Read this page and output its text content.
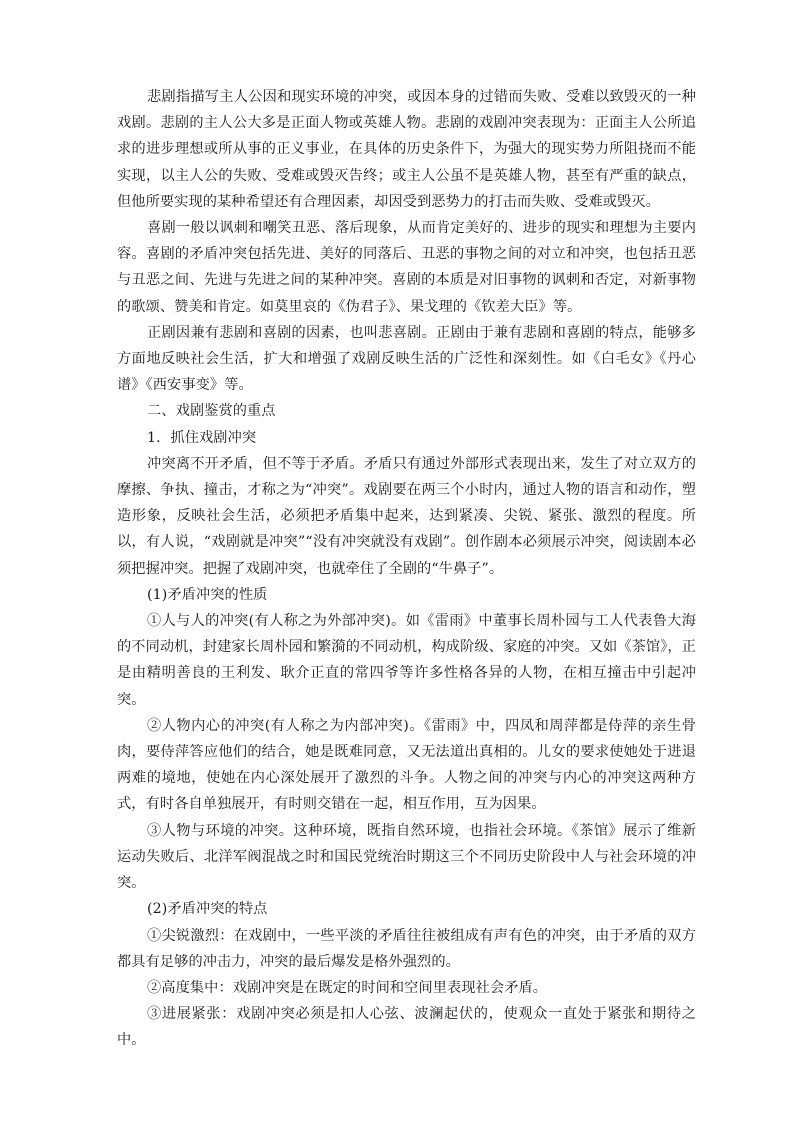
悲剧指描写主人公因和现实环境的冲突，或因本身的过错而失败、受难以致毁灭的一种戏剧。悲剧的主人公大多是正面人物或英雄人物。悲剧的戏剧冲突表现为：正面主人公所追求的进步理想或所从事的正义事业，在具体的历史条件下，为强大的现实势力所阻挠而不能实现，以主人公的失败、受难或毁灭告终；或主人公虽不是英雄人物，甚至有严重的缺点，但他所要实现的某种希望还有合理因素，却因受到恶势力的打击而失败、受难或毁灭。

喜剧一般以讽刺和嘲笑丑恶、落后现象，从而肯定美好的、进步的现实和理想为主要内容。喜剧的矛盾冲突包括先进、美好的同落后、丑恶的事物之间的对立和冲突，也包括丑恶与丑恶之间、先进与先进之间的某种冲突。喜剧的本质是对旧事物的讽刺和否定，对新事物的歌颂、赞美和肯定。如莫里哀的《伪君子》、果戈理的《钦差大臣》等。

正剧因兼有悲剧和喜剧的因素，也叫悲喜剧。正剧由于兼有悲剧和喜剧的特点，能够多方面地反映社会生活，扩大和增强了戏剧反映生活的广泛性和深刻性。如《白毛女》《丹心谱》《西安事变》等。

二、戏剧鉴赏的重点

1．抓住戏剧冲突

冲突离不开矛盾，但不等于矛盾。矛盾只有通过外部形式表现出来，发生了对立双方的摩擦、争执、撞击，才称之为“冲突”。戏剧要在两三个小时内，通过人物的语言和动作，塑造形象，反映社会生活，必须把矛盾集中起来，达到紧凑、尖锐、紧张、激烈的程度。所以，有人说，“戏剧就是冲突”“没有冲突就没有戏剧”。创作剧本必须展示冲突，阅读剧本必须把握冲突。把握了戏剧冲突，也就牵住了全剧的“牛鼻子”。

(1)矛盾冲突的性质

①人与人的冲突(有人称之为外部冲突)。如《雷雨》中董事长周朴园与工人代表鲁大海的不同动机，封建家长周朴园和繁漪的不同动机，构成阶级、家庭的冲突。又如《茶馆》，正是由精明善良的王利发、耿介正直的常四爷等许多性格各异的人物，在相互撞击中引起冲突。

②人物内心的冲突(有人称之为内部冲突)。《雷雨》中，四凤和周萍都是侍萍的亲生骨肉，要侍萍答应他们的结合，她是既难同意，又无法道出真相的。儿女的要求使她处于进退两难的境地，使她在内心深处展开了激烈的斗争。人物之间的冲突与内心的冲突这两种方式，有时各自单独展开，有时则交错在一起，相互作用，互为因果。

③人物与环境的冲突。这种环境，既指自然环境，也指社会环境。《茶馆》展示了维新运动失败后、北洋军阀混战之时和国民党统治时期这三个不同历史阶段中人与社会环境的冲突。

(2)矛盾冲突的特点

①尖锐激烈：在戏剧中，一些平淡的矛盾往往被组成有声有色的冲突，由于矛盾的双方都具有足够的冲击力，冲突的最后爆发是格外强烈的。

②高度集中：戏剧冲突是在既定的时间和空间里表现社会矛盾。

③进展紧张：戏剧冲突必须是扣人心弦、波澜起伏的，使观众一直处于紧张和期待之中。
